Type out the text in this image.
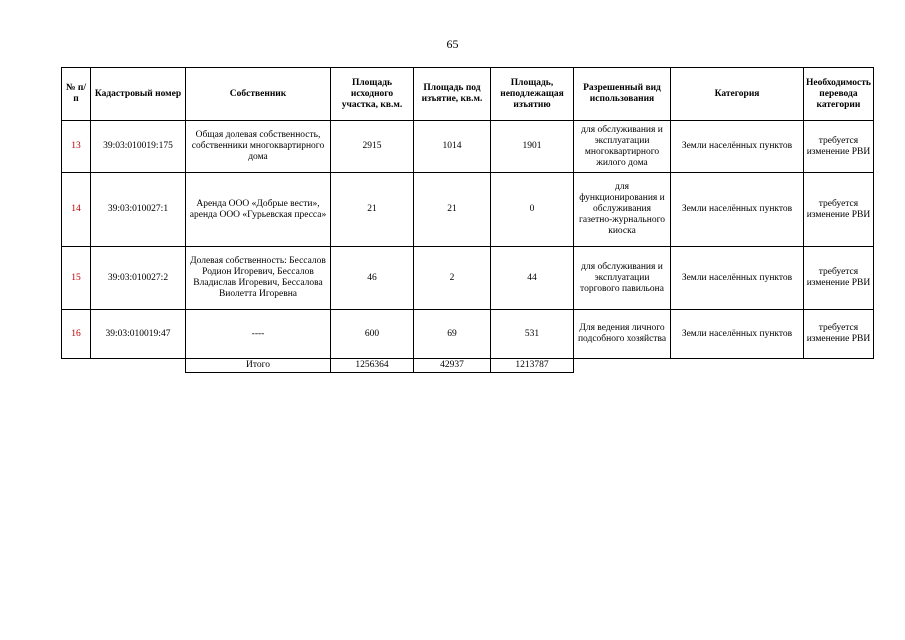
65
№ п/п	Кадастровый номер	Собственник	Площадь исходного участка, кв.м.	Площадь под изъятие, кв.м.	Площадь, неподлежащая изъятию	Разрешенный вид использования	Категория	Необходимость перевода категории
13	39:03:010019:175	Общая долевая собственность, собственники многоквартирного дома	2915	1014	1901	для обслуживания и эксплуатации многоквартирного жилого дома	Земли населённых пунктов	требуется изменение РВИ
14	39:03:010027:1	Аренда ООО «Добрые вести», аренда ООО «Гурьевская пресса»	21	21	0	для функционирования и обслуживания газетно-журнального киоска	Земли населённых пунктов	требуется изменение РВИ
15	39:03:010027:2	Долевая собственность: Бессалов Родион Игоревич, Бессалов Владислав Игоревич, Бессалова Виолетта Игоревна	46	2	44	для обслуживания и эксплуатации торгового павильона	Земли населённых пунктов	требуется изменение РВИ
16	39:03:010019:47	----	600	69	531	Для ведения личного подсобного хозяйства	Земли населённых пунктов	требуется изменение РВИ
		Итого	1256364	42937	1213787			
